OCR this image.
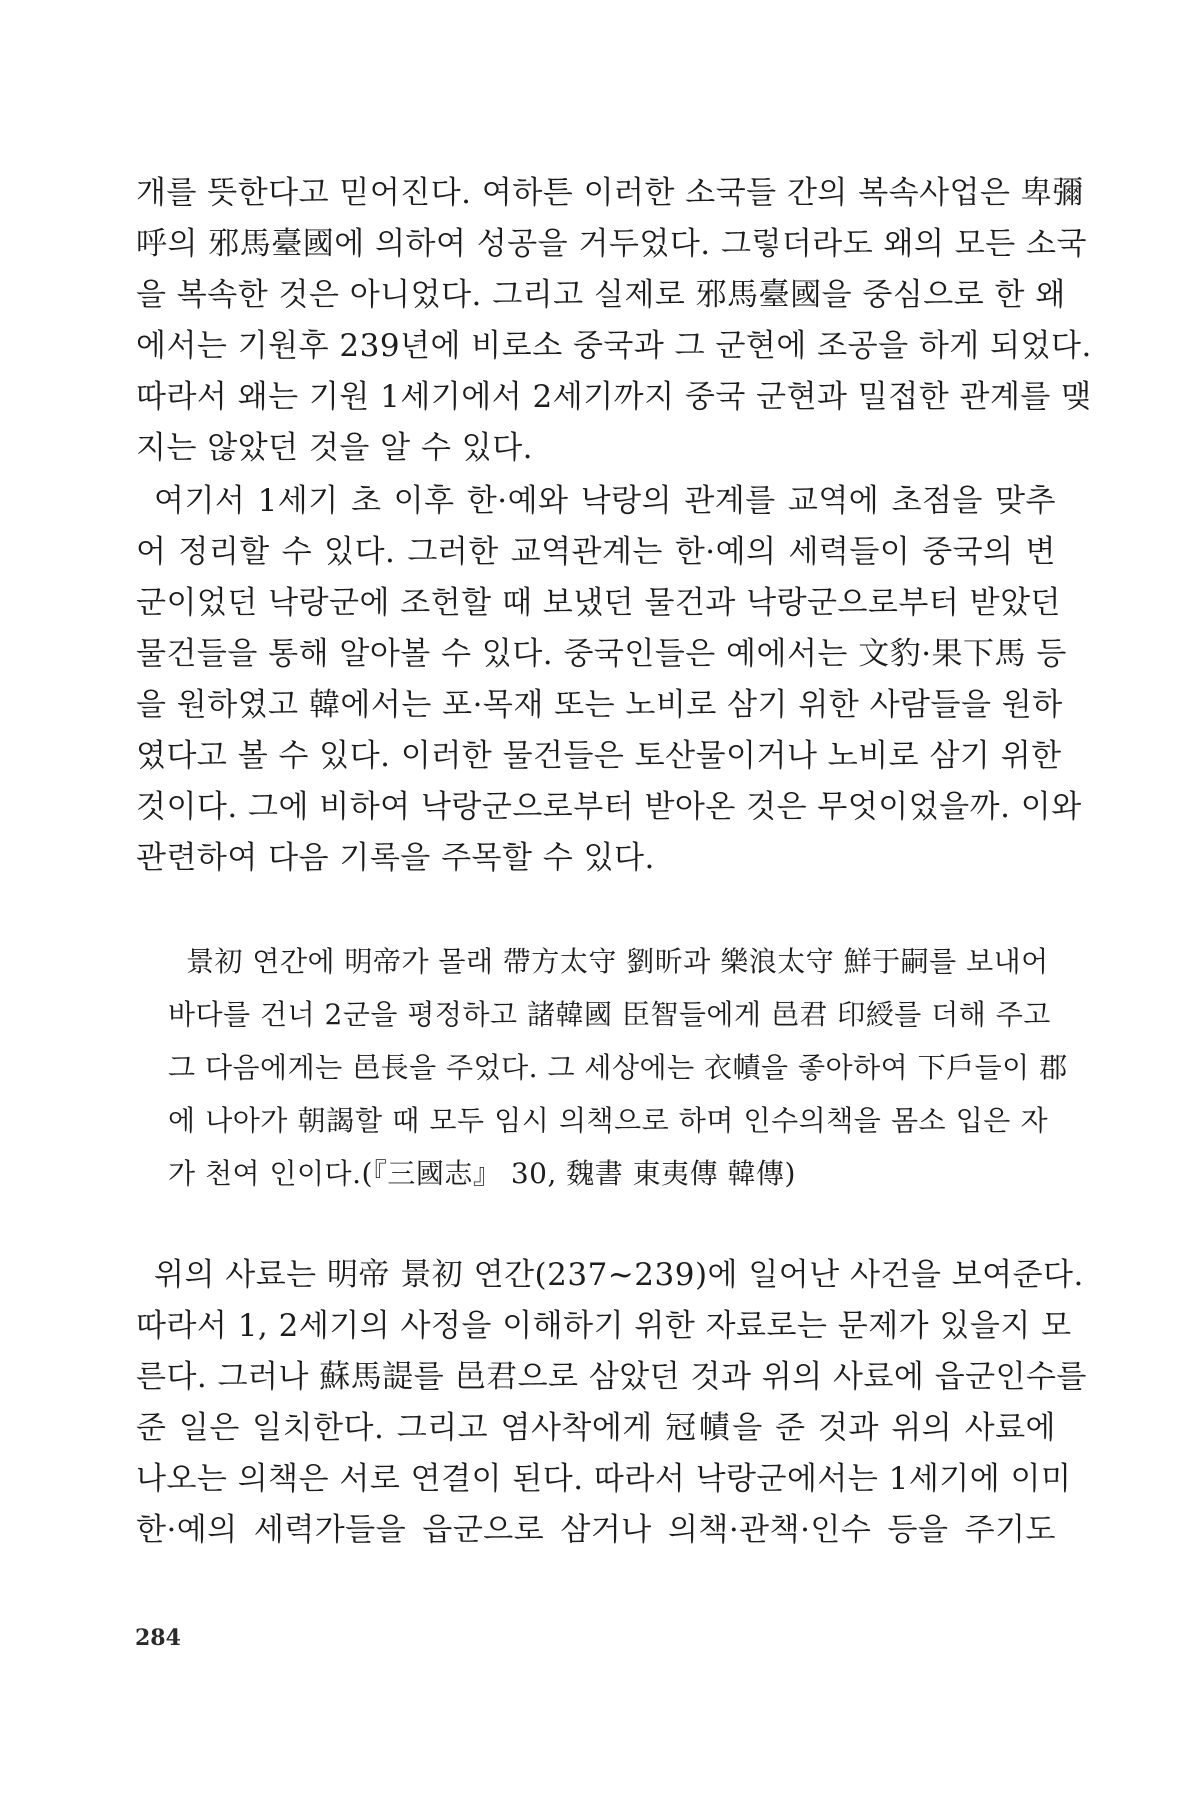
개를 뜻한다고 믿어진다. 여하튼 이러한 소국들 간의 복속사업은 卑彌
呼의 邪馬臺國에 의하여 성공을 거두었다. 그렇더라도 왜의 모든 소국
을 복속한 것은 아니었다. 그리고 실제로 邪馬臺國을 중심으로 한 왜
에서는 기원후 239년에 비로소 중국과 그 군현에 조공을 하게 되었다.
따라서 왜는 기원 1세기에서 2세기까지 중국 군현과 밀접한 관계를 맺
지는 않았던 것을 알 수 있다.
여기서 1세기 초 이후 한·예와 낙랑의 관계를 교역에 초점을 맞추
어 정리할 수 있다. 그러한 교역관계는 한·예의 세력들이 중국의 변
군이었던 낙랑군에 조헌할 때 보냈던 물건과 낙랑군으로부터 받았던
물건들을 통해 알아볼 수 있다. 중국인들은 예에서는 文豹·果下馬 등
을 원하였고 韓에서는 포·목재 또는 노비로 삼기 위한 사람들을 원하
였다고 볼 수 있다. 이러한 물건들은 토산물이거나 노비로 삼기 위한
것이다. 그에 비하여 낙랑군으로부터 받아온 것은 무엇이었을까. 이와
관련하여 다음 기록을 주목할 수 있다.
景初 연간에 明帝가 몰래 帶方太守 劉昕과 樂浪太守 鮮于嗣를 보내어
바다를 건너 2군을 평정하고 諸韓國 臣智들에게 邑君 印綬를 더해 주고
그 다음에게는 邑長을 주었다. 그 세상에는 衣幘을 좋아하여 下戶들이 郡
에 나아가 朝謁할 때 모두 임시 의책으로 하며 인수의책을 몸소 입은 자
가 천여 인이다.(『三國志』 30, 魏書 東夷傳 韓傳)
위의 사료는 明帝 景初 연간(237~239)에 일어난 사건을 보여준다.
따라서 1, 2세기의 사정을 이해하기 위한 자료로는 문제가 있을지 모
른다. 그러나 蘇馬諟를 邑君으로 삼았던 것과 위의 사료에 읍군인수를
준 일은 일치한다. 그리고 염사착에게 冠幘을 준 것과 위의 사료에
나오는 의책은 서로 연결이 된다. 따라서 낙랑군에서는 1세기에 이미
한·예의 세력가들을 읍군으로 삼거나 의책·관책·인수 등을 주기도
284
